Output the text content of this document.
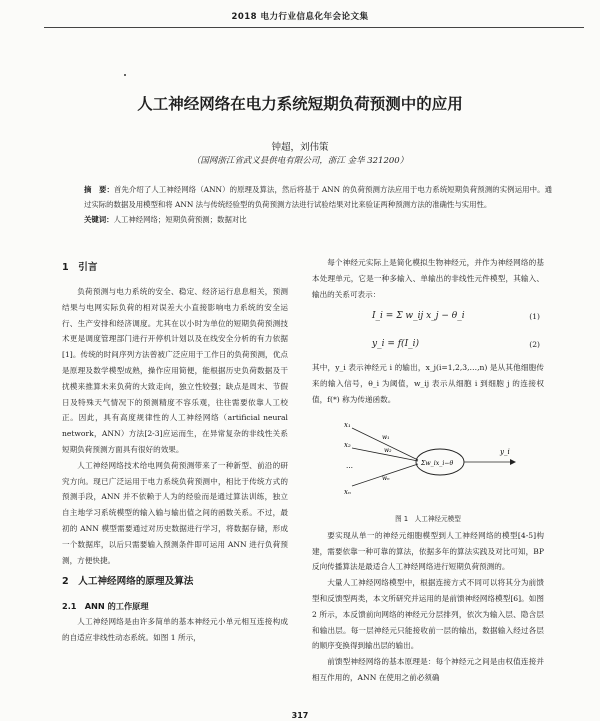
2018 电力行业信息化年会论文集
人工神经网络在电力系统短期负荷预测中的应用
钟超，刘伟策
（国网浙江省武义县供电有限公司，浙江 金华 321200）
摘　要：首先介绍了人工神经网络（ANN）的原理及算法，然后将基于 ANN 的负荷预测方法应用于电力系统短期负荷预测的实例运用中。通过实际的数据及用模型和将 ANN 法与传统经验型的负荷预测方法进行试验结果对比来验证两种预测方法的准确性与实用性。
关键词：人工神经网络；短期负荷预测；数据对比
1　引言

负荷预测与电力系统的安全、稳定、经济运行息息相关，预测结果与电网实际负荷的相对误差大小直接影响电力系统的安全运行、生产安排和经济调度。尤其在以小时为单位的短期负荷预测技术更是调度管理部门进行开停机计划以及在线安全分析的有力依据[1]。传统的时间序列方法曾被广泛应用于工作日的负荷预测，优点是原理及数学模型成熟，操作应用简便，能根据历史负荷数据及干扰模来推算未来负荷的大致走向，独立性较强；缺点是周末、节假日及特殊天气情况下的预测精度不容乐观，往往需要依靠人工校正。因此，具有高度规律性的人工神经网络（artificial neural network，ANN）方法[2-3]应运而生，在异常复杂的非线性关系短期负荷预测方面具有很好的效果。

人工神经网络技术给电网负荷预测带来了一种新型、前沿的研究方向。现已广泛运用于电力系统负荷预测中，相比于传统方式的预测手段，ANN 并不依赖于人为的经验而是通过算法训练，独立自主地学习系统模型的输入输与输出值之间的函数关系。不过，最初的 ANN 模型需要通过对历史数据进行学习，将数据存储，形成一个数据库，以后只需要输入预测条件即可运用 ANN 进行负荷预测，方便快捷。

2　人工神经网络的原理及算法
2.1　ANN 的工作原理

人工神经网络是由许多简单的基本神经元小单元相互连接构成的自适应非线性动态系统。如图 1 所示，

每个神经元实际上是简化模拟生物神经元，并作为神经网络的基本处理单元，它是一种多输入、单输出的非线性元件模型，其输入、输出的关系可表示：

I_i = Σ w_ij x_j − θ_i	(1)
y_i = f(I_i)	(2)

其中，y_i 表示神经元 i 的输出，x_j(i=1,2,3,…,n) 是从其他细胞传来的输入信号，θ_i 为阈值，w_ij 表示从细胞 i 到细胞 j 的连接权值，f(*) 称为传递函数。

x₁
x₂
…
xₙ
w₁
w₂
wₙ
Σw_ix_i−θ
y_i
图 1　人工神经元模型

要实现从单一的神经元细胞模型到人工神经网络的模型[4-5]构建，需要依靠一种可靠的算法，依据多年的算法实践及对比可知，BP 反向传播算法是最适合人工神经网络进行短期负荷预测的。

大量人工神经网络模型中，根据连接方式不同可以将其分为前馈型和反馈型两类，本文所研究并运用的是前馈神经网络模型[6]。如图 2 所示，本反馈前向网络的神经元分层排列，依次为输入层、隐含层和输出层。每一层神经元只能接收前一层的输出，数据输入经过各层的顺序变换得到输出层的输出。

前馈型神经网络的基本原理是：每个神经元之间是由权值连接并相互作用的，ANN 在使用之前必须确

317
